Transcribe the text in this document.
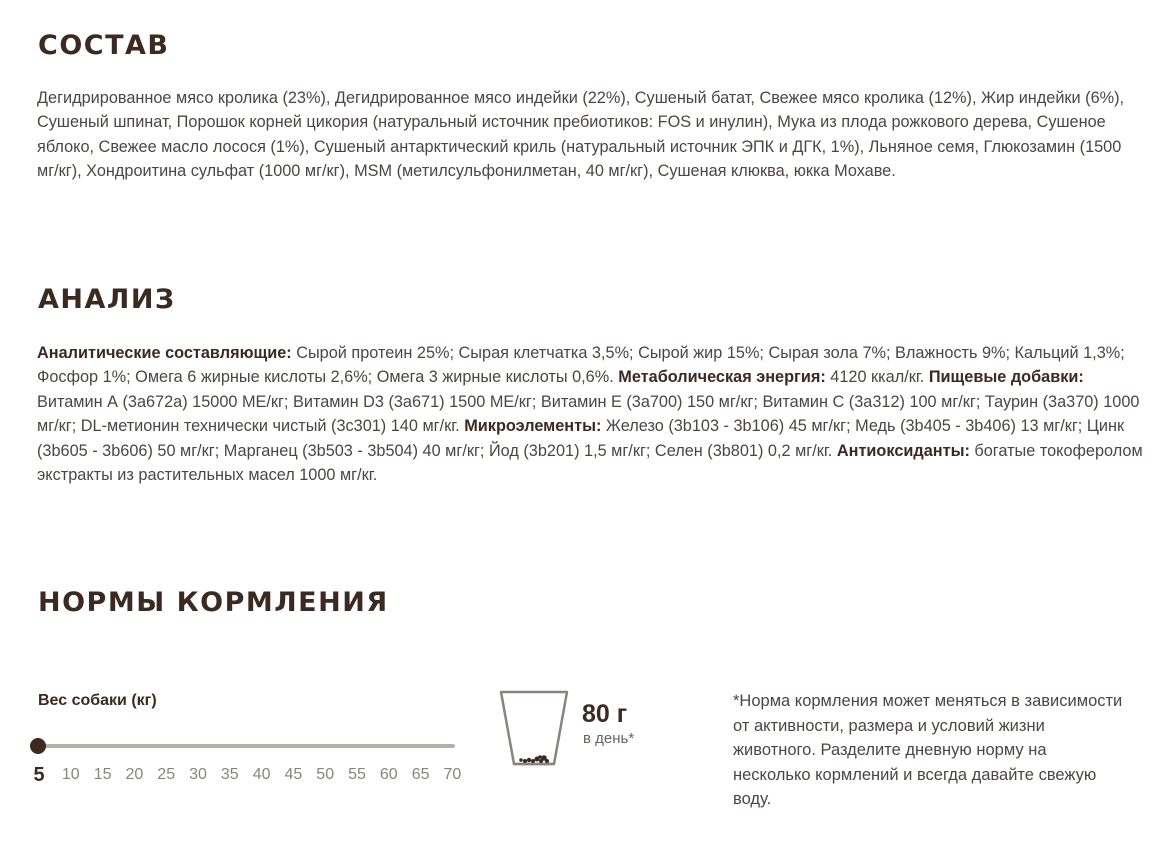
СОСТАВ

Дегидрированное мясо кролика (23%), Дегидрированное мясо индейки (22%), Сушеный батат, Свежее мясо кролика (12%), Жир индейки (6%), Сушеный шпинат, Порошок корней цикория (натуральный источник пребиотиков: FOS и инулин), Мука из плода рожкового дерева, Сушеное яблоко, Свежее масло лосося (1%), Сушеный антарктический криль (натуральный источник ЭПК и ДГК, 1%), Льняное семя, Глюкозамин (1500 мг/кг), Хондроитина сульфат (1000 мг/кг), MSM (метилсульфонилметан, 40 мг/кг), Сушеная клюква, юкка Мохаве.

АНАЛИЗ

Аналитические составляющие: Сырой протеин 25%; Сырая клетчатка 3,5%; Сырой жир 15%; Сырая зола 7%; Влажность 9%; Кальций 1,3%; Фосфор 1%; Омега 6 жирные кислоты 2,6%; Омега 3 жирные кислоты 0,6%. Метаболическая энергия: 4120 ккал/кг. Пищевые добавки: Витамин А (3a672a) 15000 МЕ/кг; Витамин D3 (3a671) 1500 МЕ/кг; Витамин Е (3a700) 150 мг/кг; Витамин С (3a312) 100 мг/кг; Таурин (3a370) 1000 мг/кг; DL-метионин технически чистый (3c301) 140 мг/кг. Микроэлементы: Железо (3b103 - 3b106) 45 мг/кг; Медь (3b405 - 3b406) 13 мг/кг; Цинк (3b605 - 3b606) 50 мг/кг; Марганец (3b503 - 3b504) 40 мг/кг; Йод (3b201) 1,5 мг/кг; Селен (3b801) 0,2 мг/кг. Антиоксиданты: богатые токоферолом экстракты из растительных масел 1000 мг/кг.

НОРМЫ КОРМЛЕНИЯ
Вес собаки (кг)
5 10 15 20 25 30 35 40 45 50 55 60 65 70
80 г
в день*

*Норма кормления может меняться в зависимости от активности, размера и условий жизни животного. Разделите дневную норму на несколько кормлений и всегда давайте свежую воду.
